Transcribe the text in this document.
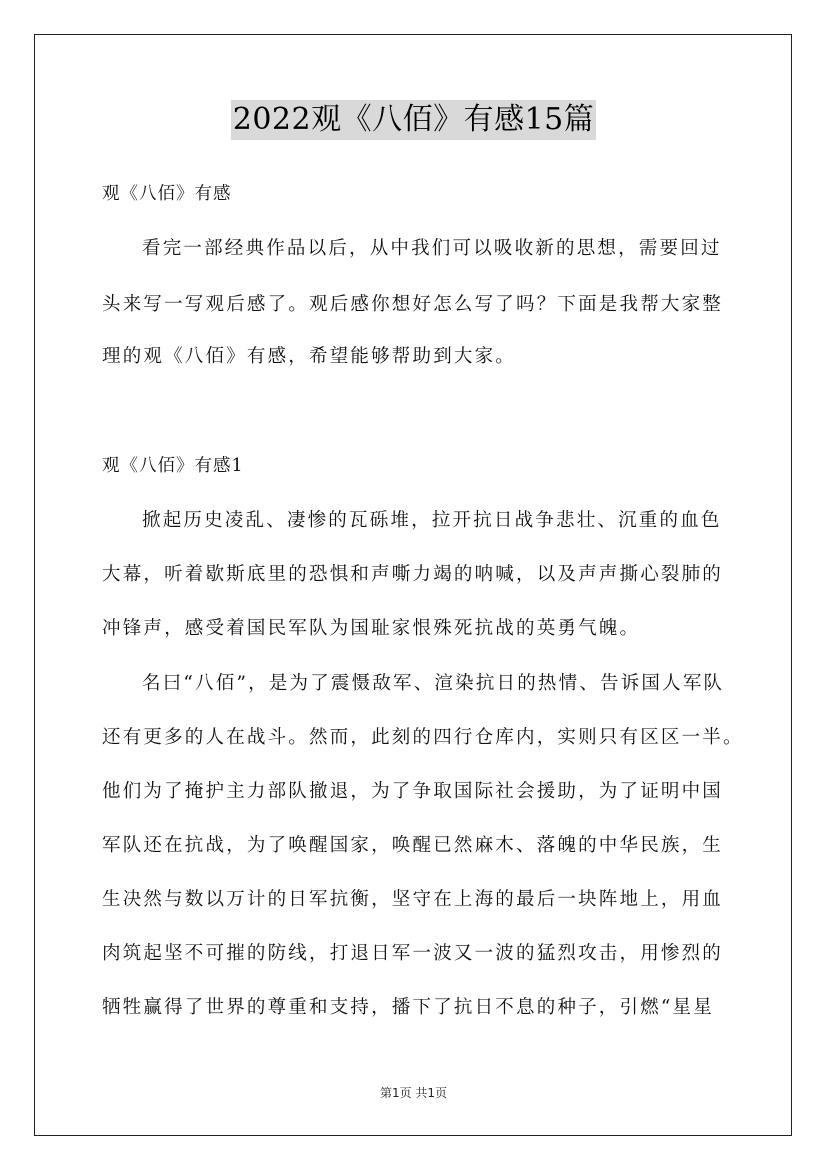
2022观《八佰》有感15篇
观《八佰》有感
看完一部经典作品以后，从中我们可以吸收新的思想，需要回过
头来写一写观后感了。观后感你想好怎么写了吗？下面是我帮大家整
理的观《八佰》有感，希望能够帮助到大家。
观《八佰》有感1
掀起历史凌乱、凄惨的瓦砾堆，拉开抗日战争悲壮、沉重的血色
大幕，听着歇斯底里的恐惧和声嘶力竭的呐喊，以及声声撕心裂肺的
冲锋声，感受着国民军队为国耻家恨殊死抗战的英勇气魄。
名曰“八佰”，是为了震慑敌军、渲染抗日的热情、告诉国人军队
还有更多的人在战斗。然而，此刻的四行仓库内，实则只有区区一半。
他们为了掩护主力部队撤退，为了争取国际社会援助，为了证明中国
军队还在抗战，为了唤醒国家，唤醒已然麻木、落魄的中华民族，生
生决然与数以万计的日军抗衡，坚守在上海的最后一块阵地上，用血
肉筑起坚不可摧的防线，打退日军一波又一波的猛烈攻击，用惨烈的
牺牲赢得了世界的尊重和支持，播下了抗日不息的种子，引燃“星星
第1页 共1页
